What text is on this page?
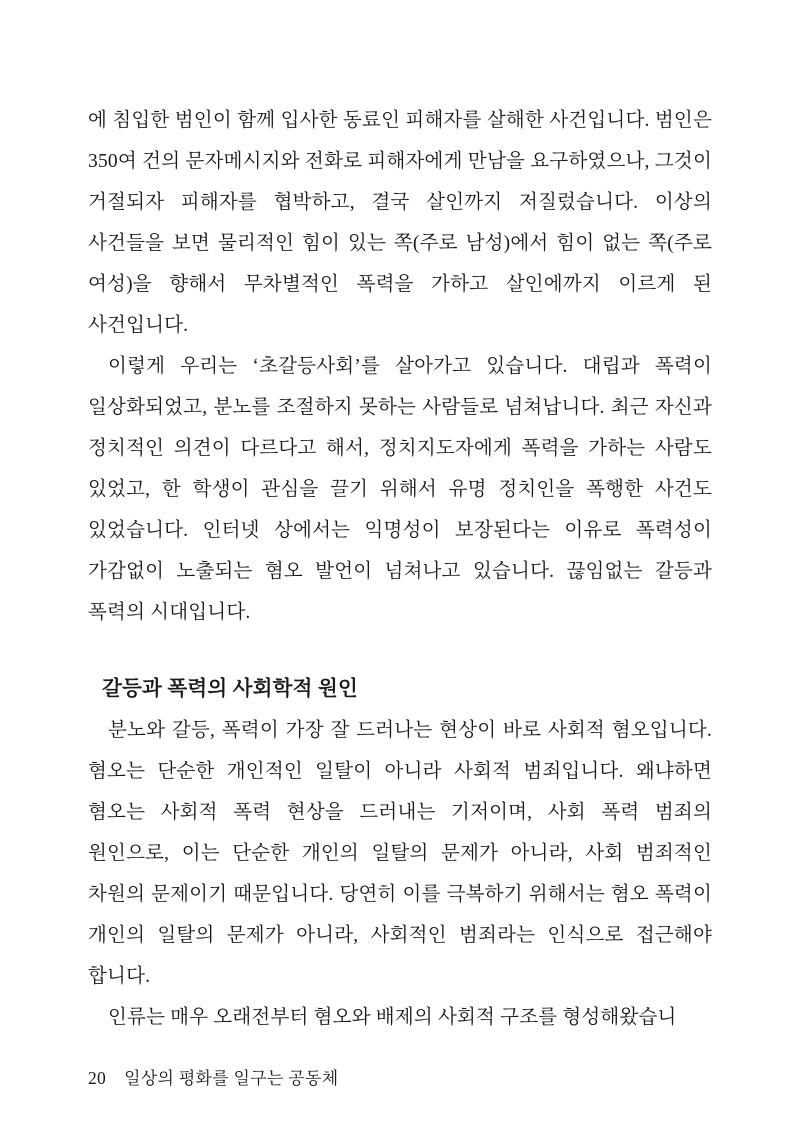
에 침입한 범인이 함께 입사한 동료인 피해자를 살해한 사건입니다. 범인은 350여 건의 문자메시지와 전화로 피해자에게 만남을 요구하였으나, 그것이 거절되자 피해자를 협박하고, 결국 살인까지 저질렀습니다. 이상의 사건들을 보면 물리적인 힘이 있는 쪽(주로 남성)에서 힘이 없는 쪽(주로 여성)을 향해서 무차별적인 폭력을 가하고 살인에까지 이르게 된 사건입니다.

이렇게 우리는 ‘초갈등사회’를 살아가고 있습니다. 대립과 폭력이 일상화되었고, 분노를 조절하지 못하는 사람들로 넘쳐납니다. 최근 자신과 정치적인 의견이 다르다고 해서, 정치지도자에게 폭력을 가하는 사람도 있었고, 한 학생이 관심을 끌기 위해서 유명 정치인을 폭행한 사건도 있었습니다. 인터넷 상에서는 익명성이 보장된다는 이유로 폭력성이 가감없이 노출되는 혐오 발언이 넘쳐나고 있습니다. 끊임없는 갈등과 폭력의 시대입니다.

갈등과 폭력의 사회학적 원인

분노와 갈등, 폭력이 가장 잘 드러나는 현상이 바로 사회적 혐오입니다. 혐오는 단순한 개인적인 일탈이 아니라 사회적 범죄입니다. 왜냐하면 혐오는 사회적 폭력 현상을 드러내는 기저이며, 사회 폭력 범죄의 원인으로, 이는 단순한 개인의 일탈의 문제가 아니라, 사회 범죄적인 차원의 문제이기 때문입니다. 당연히 이를 극복하기 위해서는 혐오 폭력이 개인의 일탈의 문제가 아니라, 사회적인 범죄라는 인식으로 접근해야 합니다.

인류는 매우 오래전부터 혐오와 배제의 사회적 구조를 형성해왔습니

20 일상의 평화를 일구는 공동체
